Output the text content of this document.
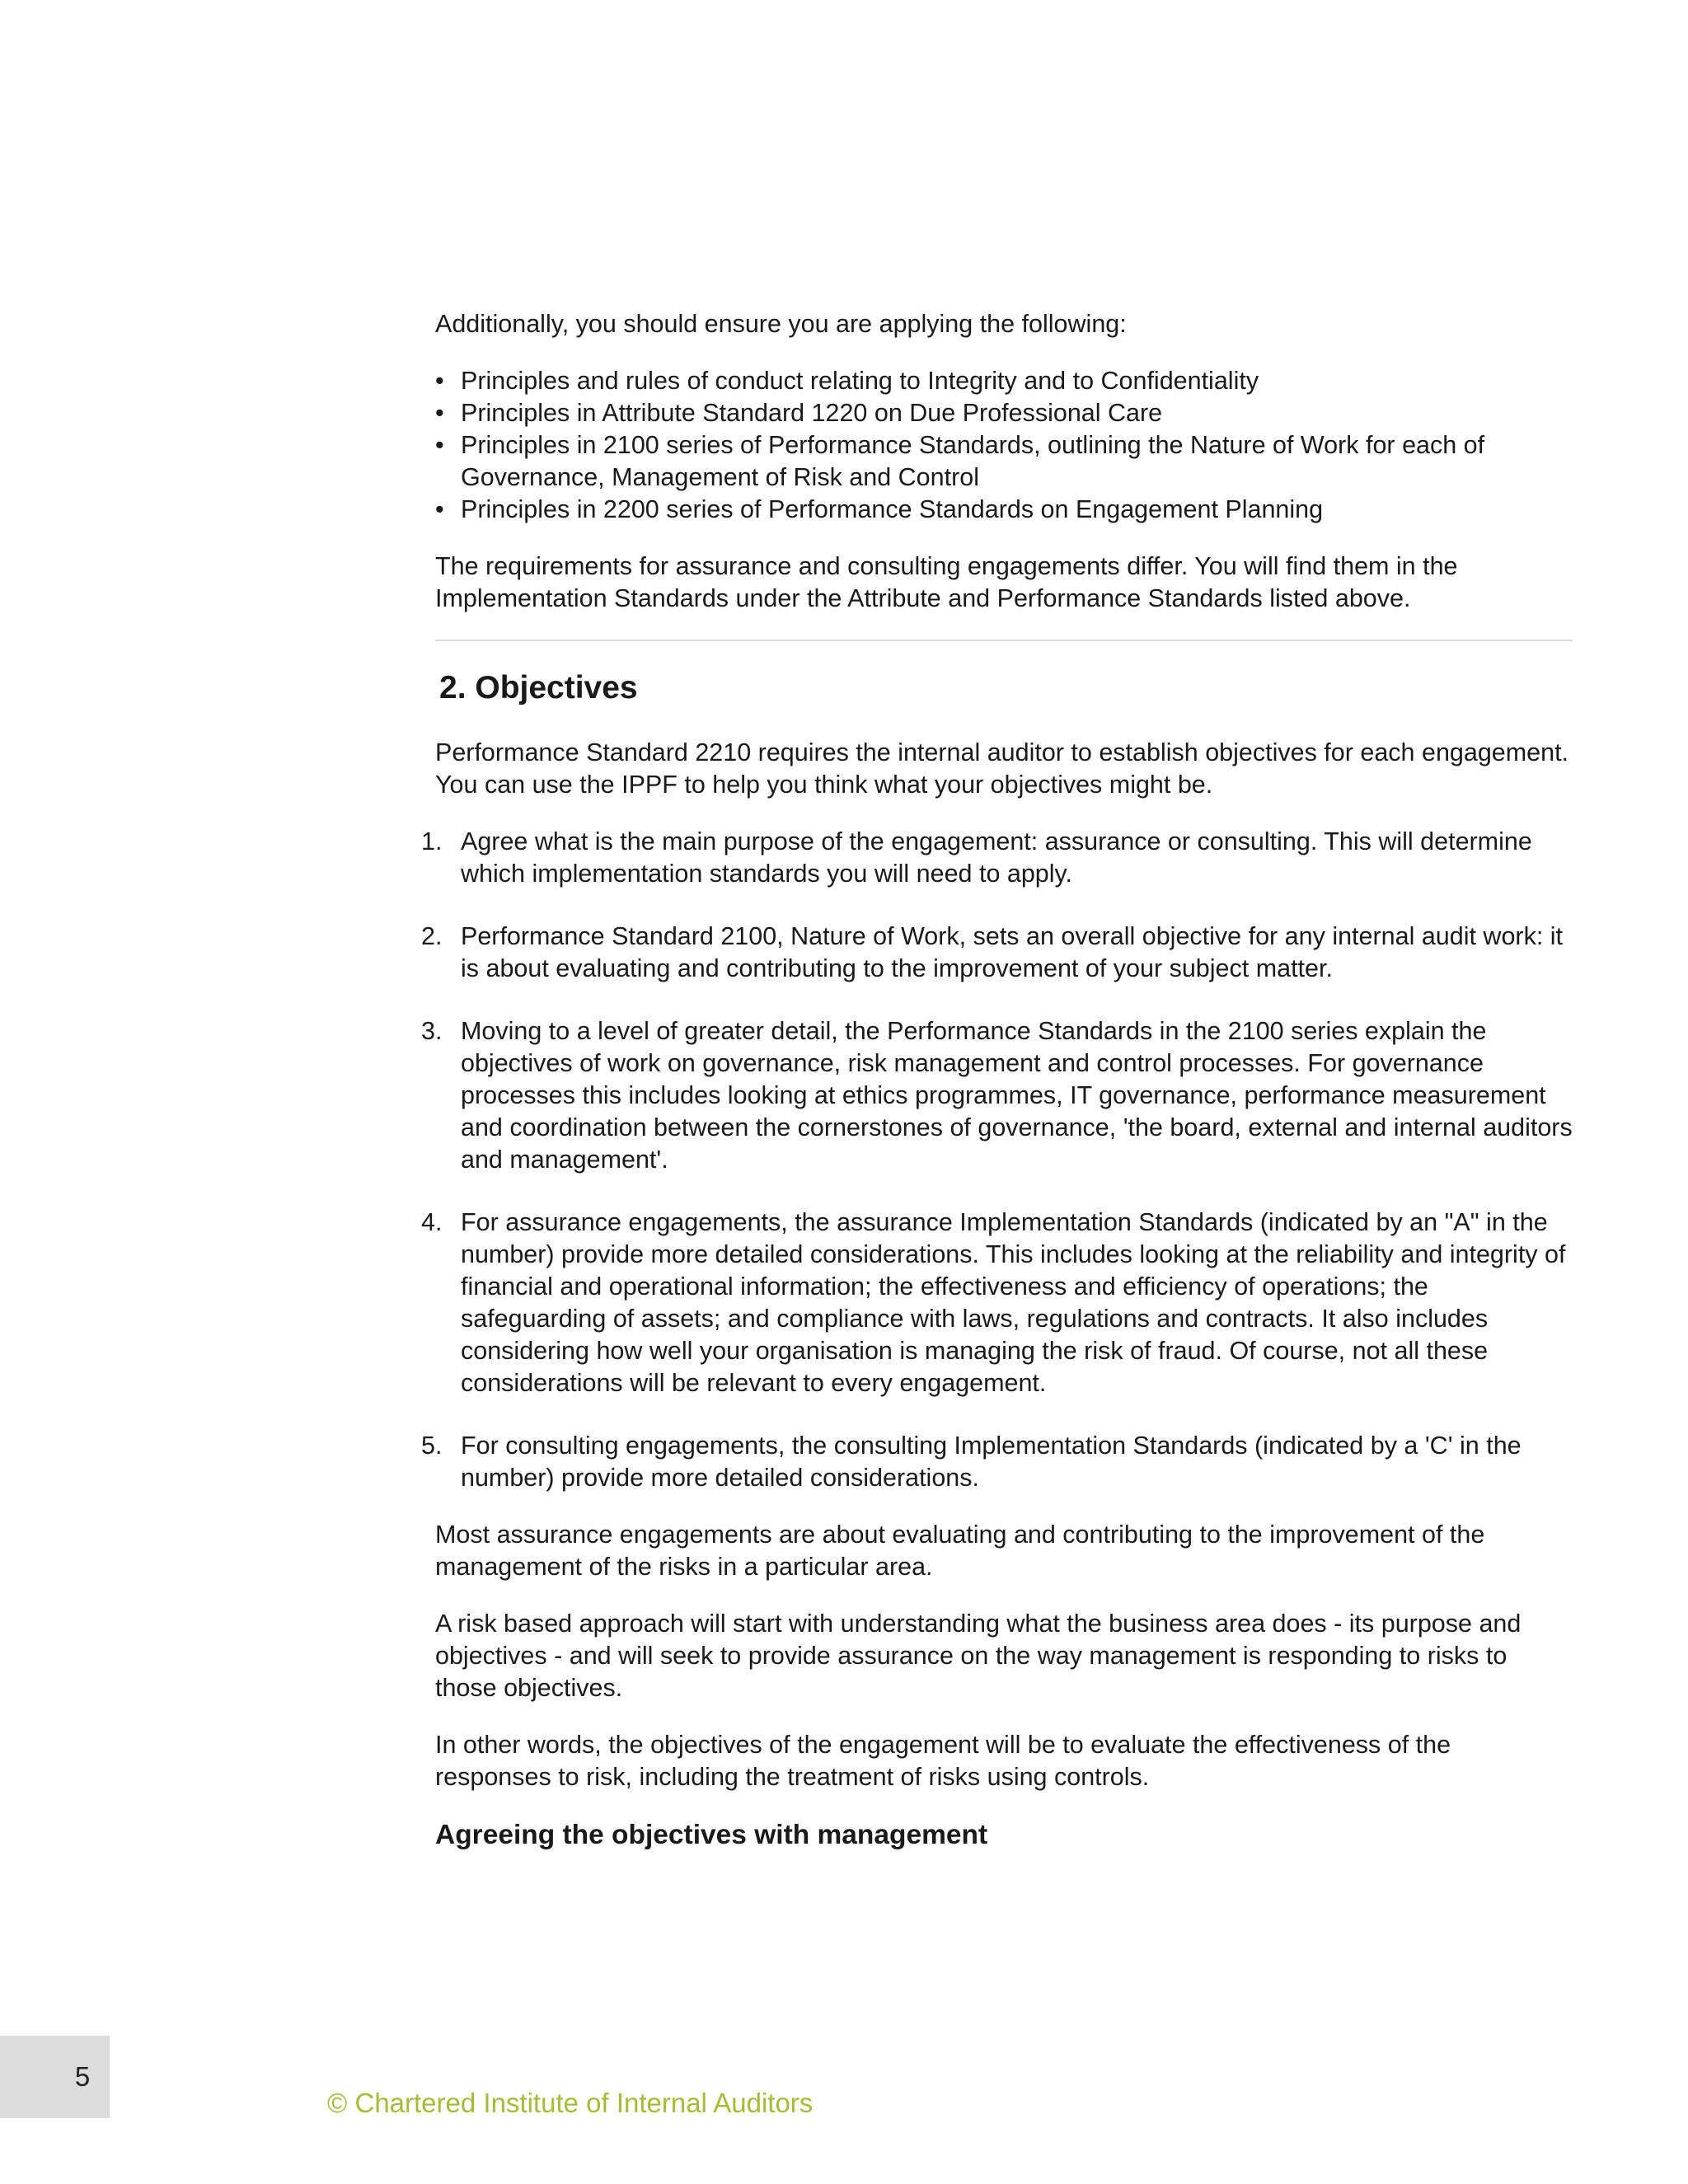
Additionally, you should ensure you are applying the following:

• Principles and rules of conduct relating to Integrity and to Confidentiality
• Principles in Attribute Standard 1220 on Due Professional Care
• Principles in 2100 series of Performance Standards, outlining the Nature of Work for each of Governance, Management of Risk and Control
• Principles in 2200 series of Performance Standards on Engagement Planning

The requirements for assurance and consulting engagements differ. You will find them in the Implementation Standards under the Attribute and Performance Standards listed above.

2. Objectives

Performance Standard 2210 requires the internal auditor to establish objectives for each engagement. You can use the IPPF to help you think what your objectives might be.

1. Agree what is the main purpose of the engagement: assurance or consulting. This will determine which implementation standards you will need to apply.
2. Performance Standard 2100, Nature of Work, sets an overall objective for any internal audit work: it is about evaluating and contributing to the improvement of your subject matter.
3. Moving to a level of greater detail, the Performance Standards in the 2100 series explain the objectives of work on governance, risk management and control processes. For governance processes this includes looking at ethics programmes, IT governance, performance measurement and coordination between the cornerstones of governance, 'the board, external and internal auditors and management'.
4. For assurance engagements, the assurance Implementation Standards (indicated by an "A" in the number) provide more detailed considerations. This includes looking at the reliability and integrity of financial and operational information; the effectiveness and efficiency of operations; the safeguarding of assets; and compliance with laws, regulations and contracts. It also includes considering how well your organisation is managing the risk of fraud. Of course, not all these considerations will be relevant to every engagement.
5. For consulting engagements, the consulting Implementation Standards (indicated by a 'C' in the number) provide more detailed considerations.

Most assurance engagements are about evaluating and contributing to the improvement of the management of the risks in a particular area.

A risk based approach will start with understanding what the business area does - its purpose and objectives - and will seek to provide assurance on the way management is responding to risks to those objectives.

In other words, the objectives of the engagement will be to evaluate the effectiveness of the responses to risk, including the treatment of risks using controls.

Agreeing the objectives with management
5
© Chartered Institute of Internal Auditors
